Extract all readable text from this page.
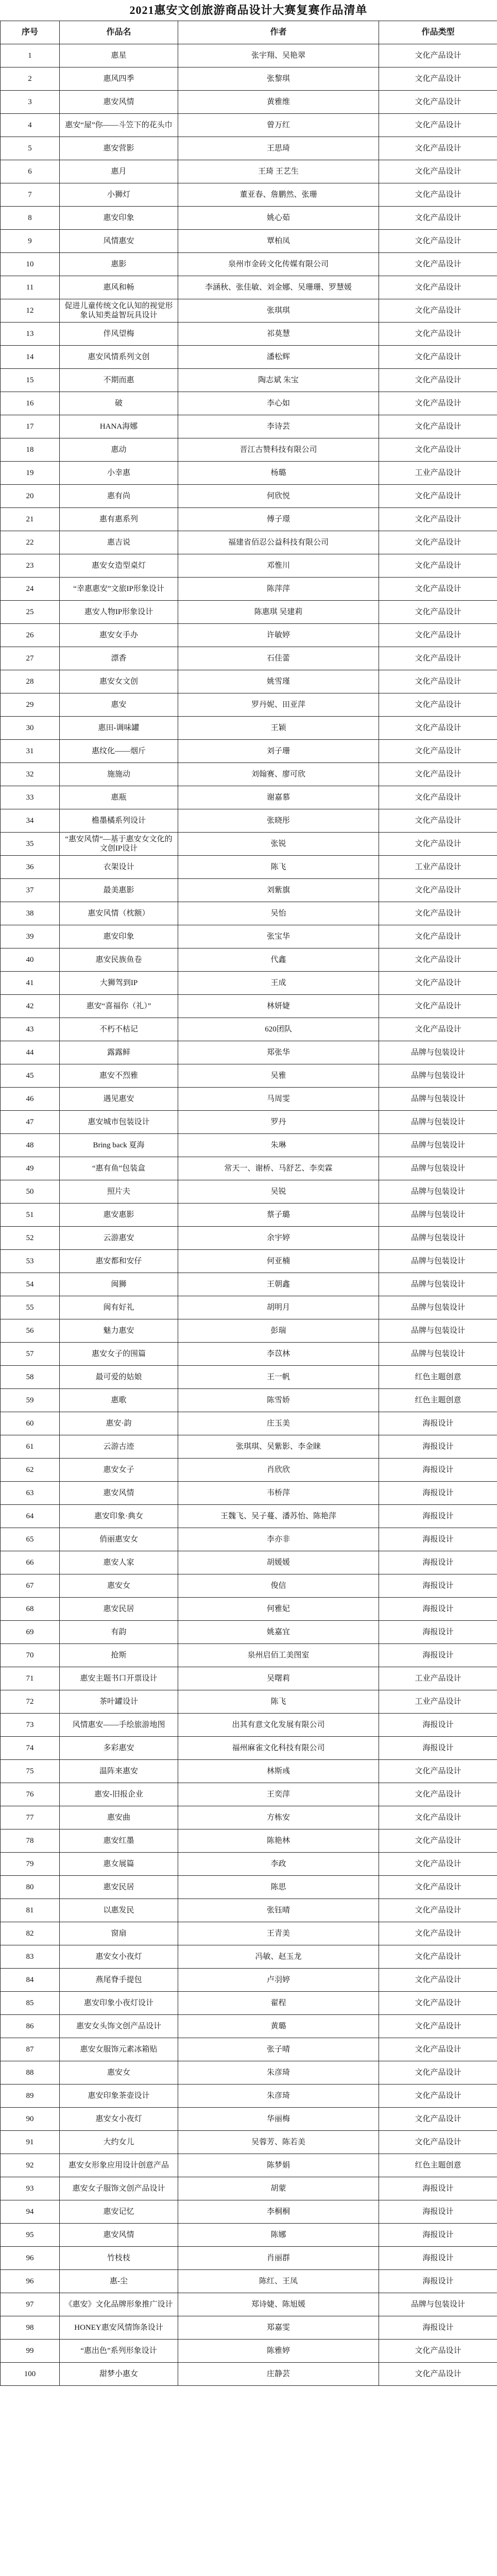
2021惠安文创旅游商品设计大赛复赛作品清单
序号	作品名	作者	作品类型
1	惠星	张宇翔、吴艳翠	文化产品设计
2	惠风四季	张黎琪	文化产品设计
3	惠安风情	黄雅维	文化产品设计
4	惠安“屋”你——斗笠下的花头巾	曾万红	文化产品设计
5	惠安营影	王思琦	文化产品设计
6	惠月	王琦 王艺生	文化产品设计
7	小狮灯	董亚春、詹鹏然、张珊	文化产品设计
8	惠安印象	姚心茹	文化产品设计
9	风情惠安	覃柏凤	文化产品设计
10	惠影	泉州市金砖文化传媒有限公司	文化产品设计
11	惠风和畅	李涵秋、张佳敏、刘金娜、吴珊珊、罗慧媛	文化产品设计
12	促进儿童传统文化认知的视觉形象认知类益智玩具设计	张琪琪	文化产品设计
13	伴风望梅	祁莫慧	文化产品设计
14	惠安风情系列文创	潘松辉	文化产品设计
15	不期而惠	陶志斌 朱宝	文化产品设计
16	破	李心如	文化产品设计
17	HANA海娜	李诗芸	文化产品设计
18	惠动	晋江古赞科技有限公司	文化产品设计
19	小幸惠	杨璐	工业产品设计
20	惠有尚	何欣悦	文化产品设计
21	惠有惠系列	傅子璟	文化产品设计
22	惠吉说	福建省佰忍公益科技有限公司	文化产品设计
23	惠安女造型桌灯	邓惟川	文化产品设计
24	“幸惠惠安”文旅IP形象设计	陈萍萍	文化产品设计
25	惠安人物IP形象设计	陈惠琪 吴建莉	文化产品设计
26	惠安女手办	许敏婷	文化产品设计
27	漂香	石佳蕾	文化产品设计
28	惠安女文创	姚雪瑾	文化产品设计
29	惠安	罗丹妮、田亚萍	文化产品设计
30	惠田-调味罐	王颖	文化产品设计
31	惠纹化——烟斤	刘子珊	文化产品设计
32	施施动	刘翰赛、廖可欣	文化产品设计
33	惠瓶	谢嘉慕	文化产品设计
34	檐墨橘系列设计	张晓彤	文化产品设计
35	“惠安风情”—基于惠安女文化的文创IP设计	张锐	文化产品设计
36	衣架设计	陈飞	工业产品设计
37	最美惠影	刘紫旗	文化产品设计
38	惠安风情（枕额）	吴怡	文化产品设计
39	惠安印象	张宝华	文化产品设计
40	惠安民族鱼卷	代鑫	文化产品设计
41	大狮驾到IP	王成	文化产品设计
42	惠安“喜福你（礼）”	林妍婕	文化产品设计
43	不朽不枯记	620团队	文化产品设计
44	露露鲜	郑张华	品牌与包装设计
45	惠安不烈雅	吴雅	品牌与包装设计
46	遇见惠安	马周雯	品牌与包装设计
47	惠安城市包装设计	罗丹	品牌与包装设计
48	Bring back 夏海	朱琳	品牌与包装设计
49	“惠有鱼”包装盒	常天一、谢桥、马舒艺、李奕霖	品牌与包装设计
50	照片夫	吴锐	品牌与包装设计
51	惠安惠影	蔡子璐	品牌与包装设计
52	云游惠安	余宇婷	品牌与包装设计
53	惠安都和安仔	何亚楠	品牌与包装设计
54	闽狮	王朝鑫	品牌与包装设计
55	闽有好礼	胡明月	品牌与包装设计
56	魅力惠安	彭瑞	品牌与包装设计
57	惠安女子的围篇	李苡林	品牌与包装设计
58	最可爱的姑娘	王一帆	红色主题创意
59	惠歌	陈雪娇	红色主题创意
60	惠安·韵	庄玉美	海报设计
61	云游古迹	张琪琪、吴紫影、李金睐	海报设计
62	惠安女子	肖欣欣	海报设计
63	惠安风情	韦桥萍	海报设计
64	惠安印象·典女	王魏飞、吴子蔓、潘苏怡、陈艳萍	海报设计
65	俏丽惠安女	李亦非	海报设计
66	惠安人家	胡媛媛	海报设计
67	惠安女	俊信	海报设计
68	惠安民居	何雅妃	海报设计
69	有韵	姚嘉宜	海报设计
70	抢斯	泉州启佰工美图室	海报设计
71	惠安主题书口开票设计	吴曙莉	工业产品设计
72	茶叶罐设计	陈飞	工业产品设计
73	风情惠安——手绘旅游地图	出其有意文化发展有限公司	海报设计
74	多彩惠安	福州麻雀文化科技有限公司	海报设计
75	温阵来惠安	林斯彧	文化产品设计
76	惠安-旧报企业	王奕萍	文化产品设计
77	惠安曲	方栋安	文化产品设计
78	惠安红墨	陈艳林	文化产品设计
79	惠女展篇	李政	文化产品设计
80	惠安民居	陈思	文化产品设计
81	以惠发民	张钰晴	文化产品设计
82	窗扇	王青美	文化产品设计
83	惠安女小夜灯	冯敏、赵玉龙	文化产品设计
84	燕尾脊手提包	卢羽婷	文化产品设计
85	惠安印象小夜灯设计	翟程	文化产品设计
86	惠安女头饰文创产品设计	黄璐	文化产品设计
87	惠安女服饰元素冰箱贴	张子晴	文化产品设计
88	惠安女	朱彦琦	文化产品设计
89	惠安印象茶壶设计	朱彦琦	文化产品设计
90	惠安女小夜灯	华丽梅	文化产品设计
91	大约女儿	吴蓉芳、陈若美	文化产品设计
92	惠安女形象应用设计创意产品	陈梦娟	红色主题创意
93	惠安女子服饰文创产品设计	胡蒙	海报设计
94	惠安记忆	李桐桐	海报设计
95	惠安风情	陈娜	海报设计
96	竹枝枝	肖丽群	海报设计
96	惠-尘	陈红、王凤	海报设计
97	《惠安》文化品牌形象推广设计	郑诗婕、陈旭媛	品牌与包装设计
98	HONEY惠安风情饰条设计	郑嘉雯	海报设计
99	“惠出色”系列形象设计	陈雅婷	文化产品设计
100	甜梦小惠女	庄静芸	文化产品设计
